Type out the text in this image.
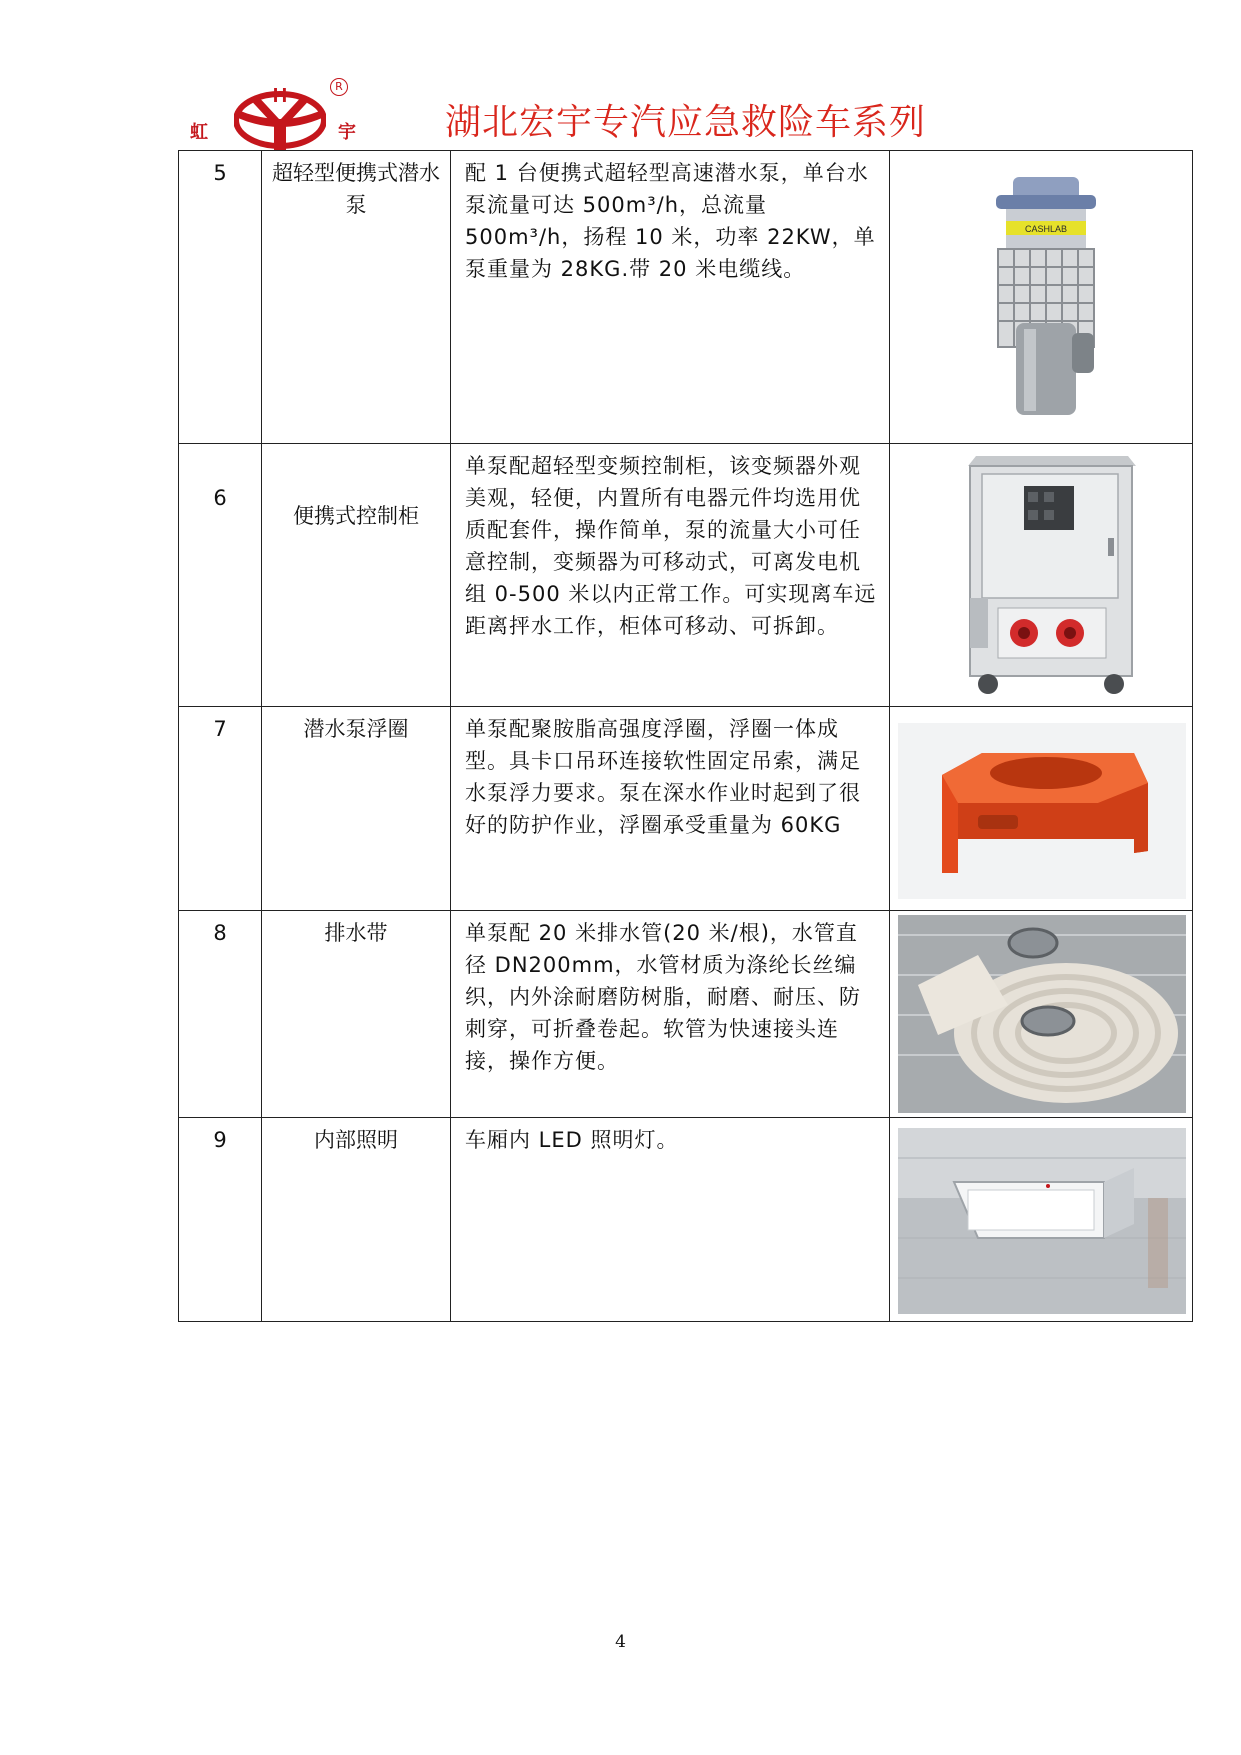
H
虹	宇
R
湖北宏宇专汽应急救险车系列
5	超轻型便携式潜水泵	配 1 台便携式超轻型高速潜水泵，单台水泵流量可达 500m³/h，总流量 500m³/h，扬程 10 米，功率 22KW，单泵重量为 28KG.带 20 米电缆线。	CASHLAB

6	便携式控制柜	单泵配超轻型变频控制柜，该变频器外观美观，轻便，内置所有电器元件均选用优质配套件，操作简单，泵的流量大小可任意控制，变频器为可移动式，可离发电机组 0-500 米以内正常工作。可实现离车远距离抨水工作，柜体可移动、可拆卸。	

7	潜水泵浮圈	单泵配聚胺脂高强度浮圈，浮圈一体成型。具卡口吊环连接软性固定吊索，满足水泵浮力要求。泵在深水作业时起到了很好的防护作业，浮圈承受重量为 60KG	

8	排水带	单泵配 20 米排水管(20 米/根)，水管直径 DN200mm，水管材质为涤纶长丝编织，内外涂耐磨防树脂，耐磨、耐压、防刺穿，可折叠卷起。软管为快速接头连接，操作方便。	

9	内部照明	车厢内 LED 照明灯。	
4
